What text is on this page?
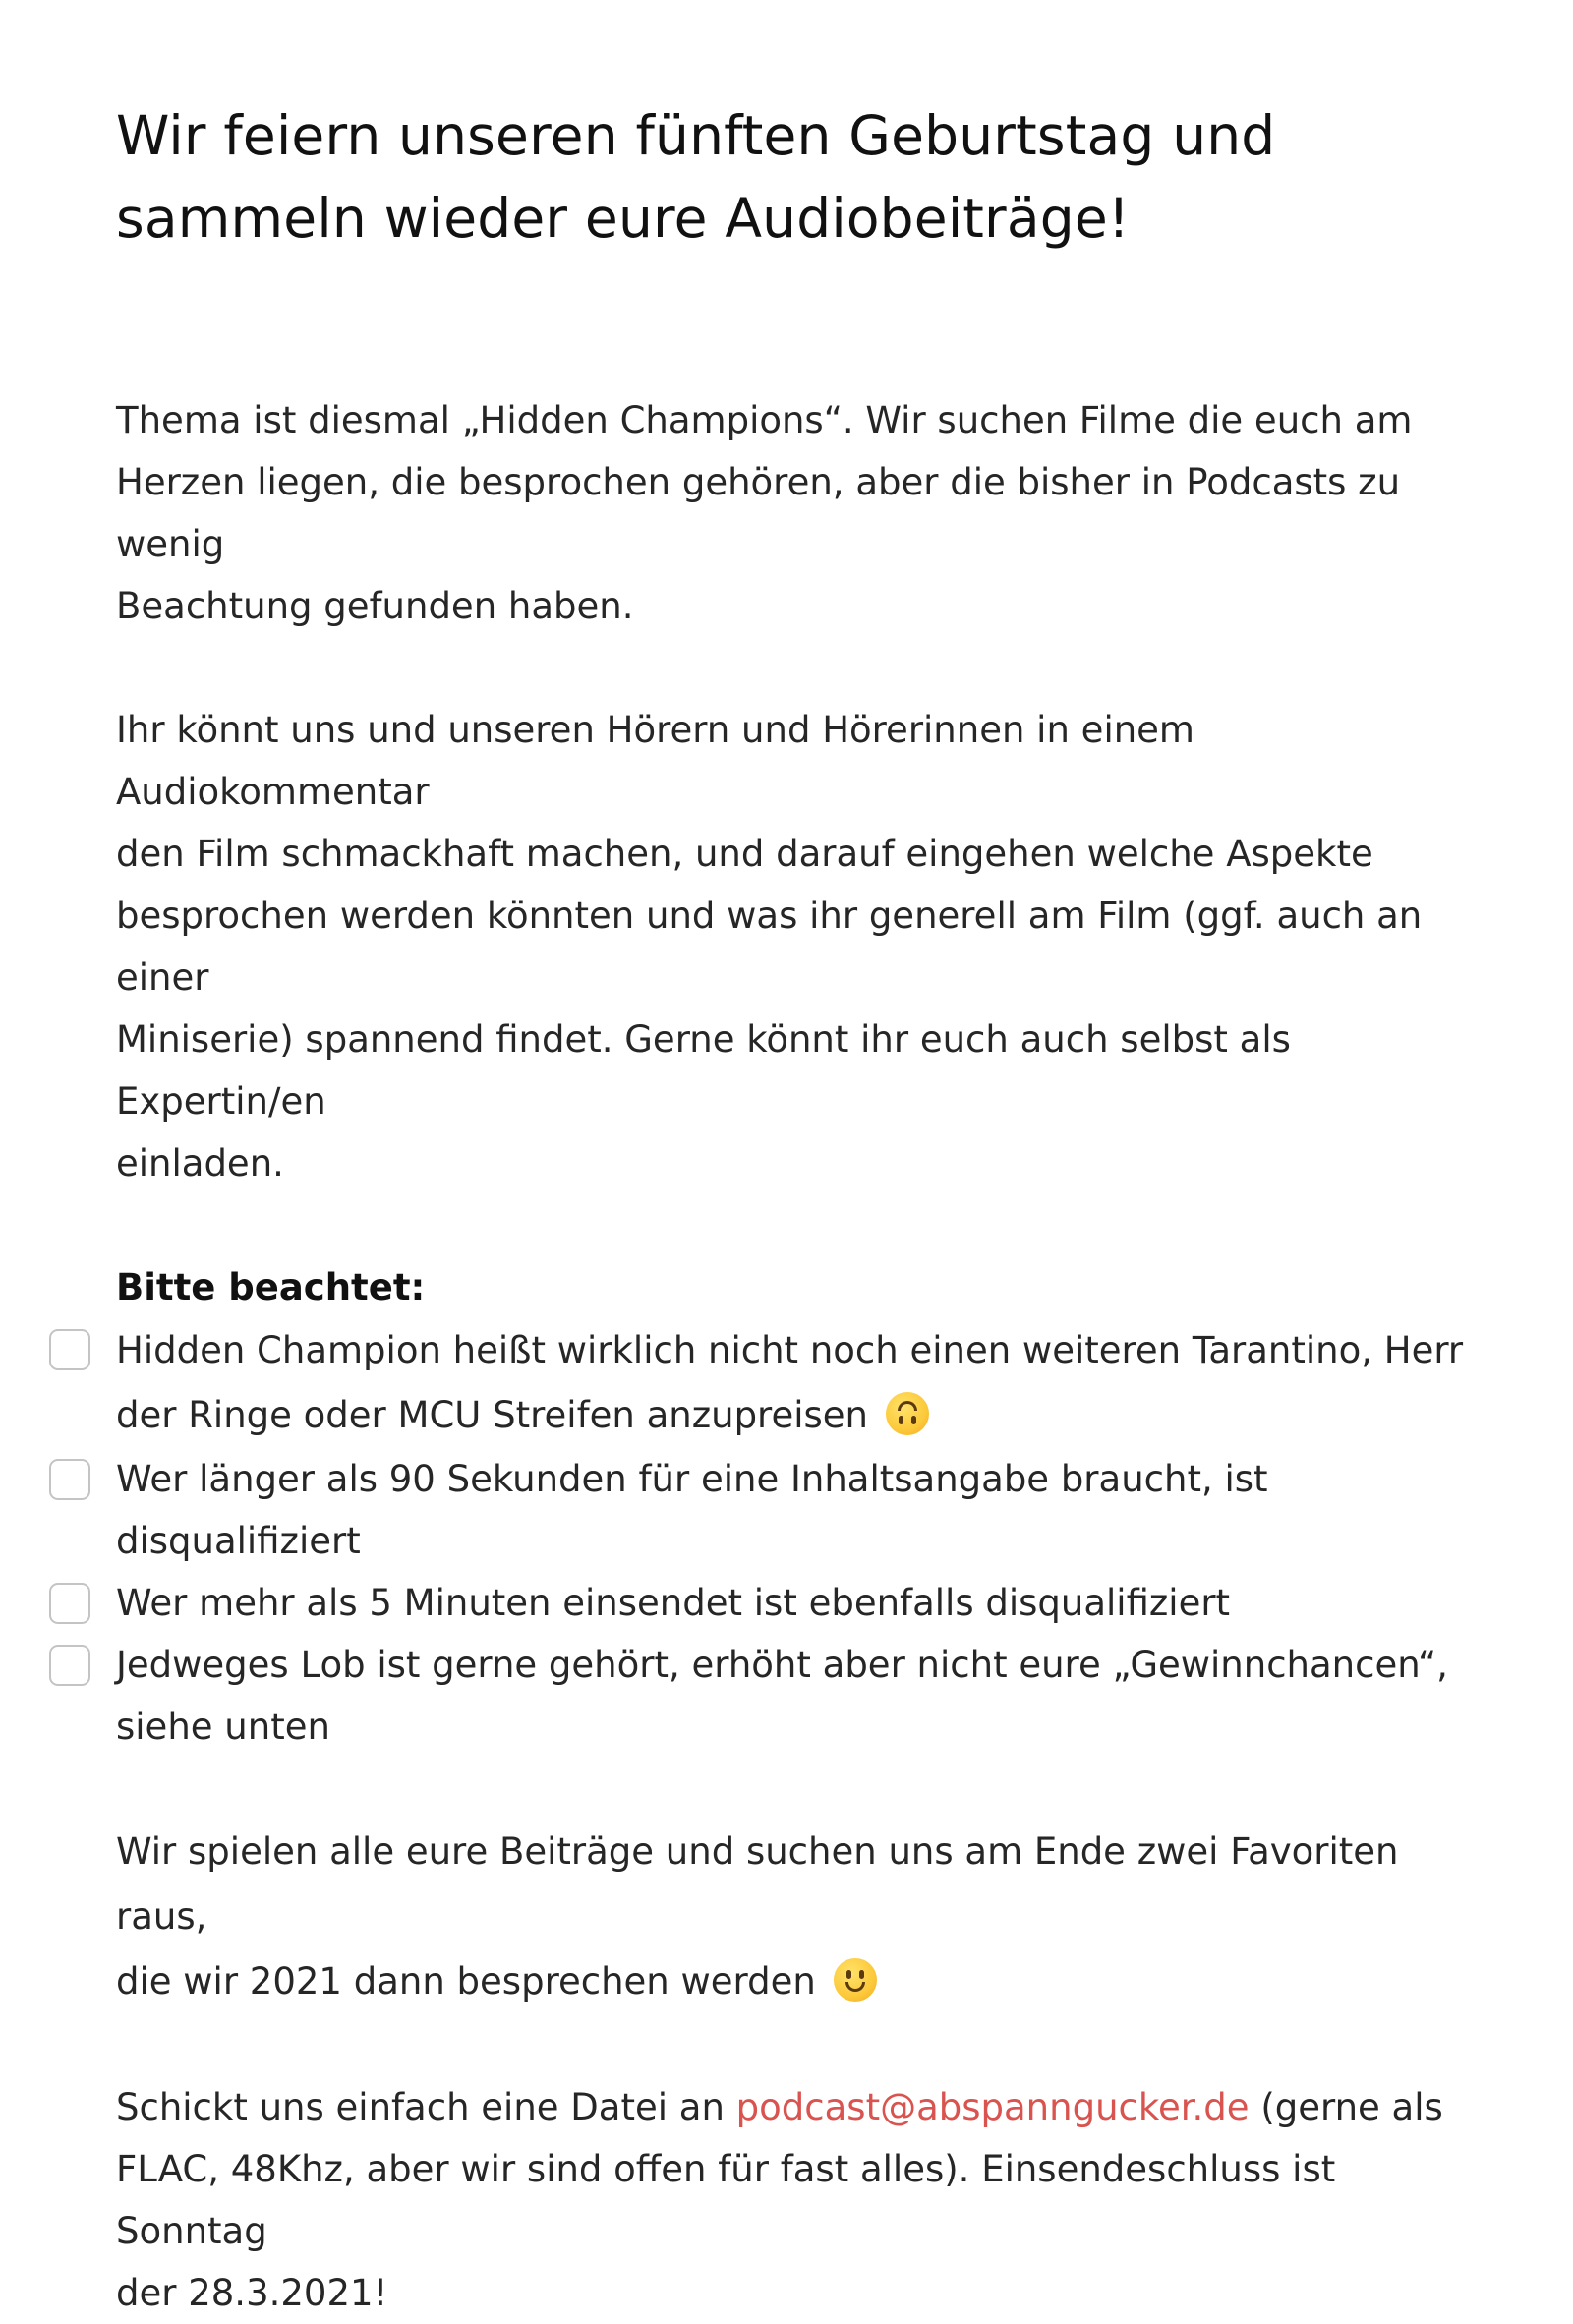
Wir feiern unseren fünften Geburtstag und
sammeln wieder eure Audiobeiträge!

Thema ist diesmal „Hidden Champions“. Wir suchen Filme die euch am
Herzen liegen, die besprochen gehören, aber die bisher in Podcasts zu wenig
Beachtung gefunden haben.

Ihr könnt uns und unseren Hörern und Hörerinnen in einem Audiokommentar
den Film schmackhaft machen, und darauf eingehen welche Aspekte
besprochen werden könnten und was ihr generell am Film (ggf. auch an einer
Miniserie) spannend findet. Gerne könnt ihr euch auch selbst als Expertin/en
einladen.

Bitte beachtet:

Hidden Champion heißt wirklich nicht noch einen weiteren Tarantino, Herr
der Ringe oder MCU Streifen anzupreisen
Wer länger als 90 Sekunden für eine Inhaltsangabe braucht, ist disqualifiziert
Wer mehr als 5 Minuten einsendet ist ebenfalls disqualifiziert
Jedweges Lob ist gerne gehört, erhöht aber nicht eure „Gewinnchancen“,
siehe unten

Wir spielen alle eure Beiträge und suchen uns am Ende zwei Favoriten raus,
die wir 2021 dann besprechen werden

Schickt uns einfach eine Datei an podcast@abspanngucker.de (gerne als
FLAC, 48Khz, aber wir sind offen für fast alles). Einsendeschluss ist Sonntag
der 28.3.2021!
